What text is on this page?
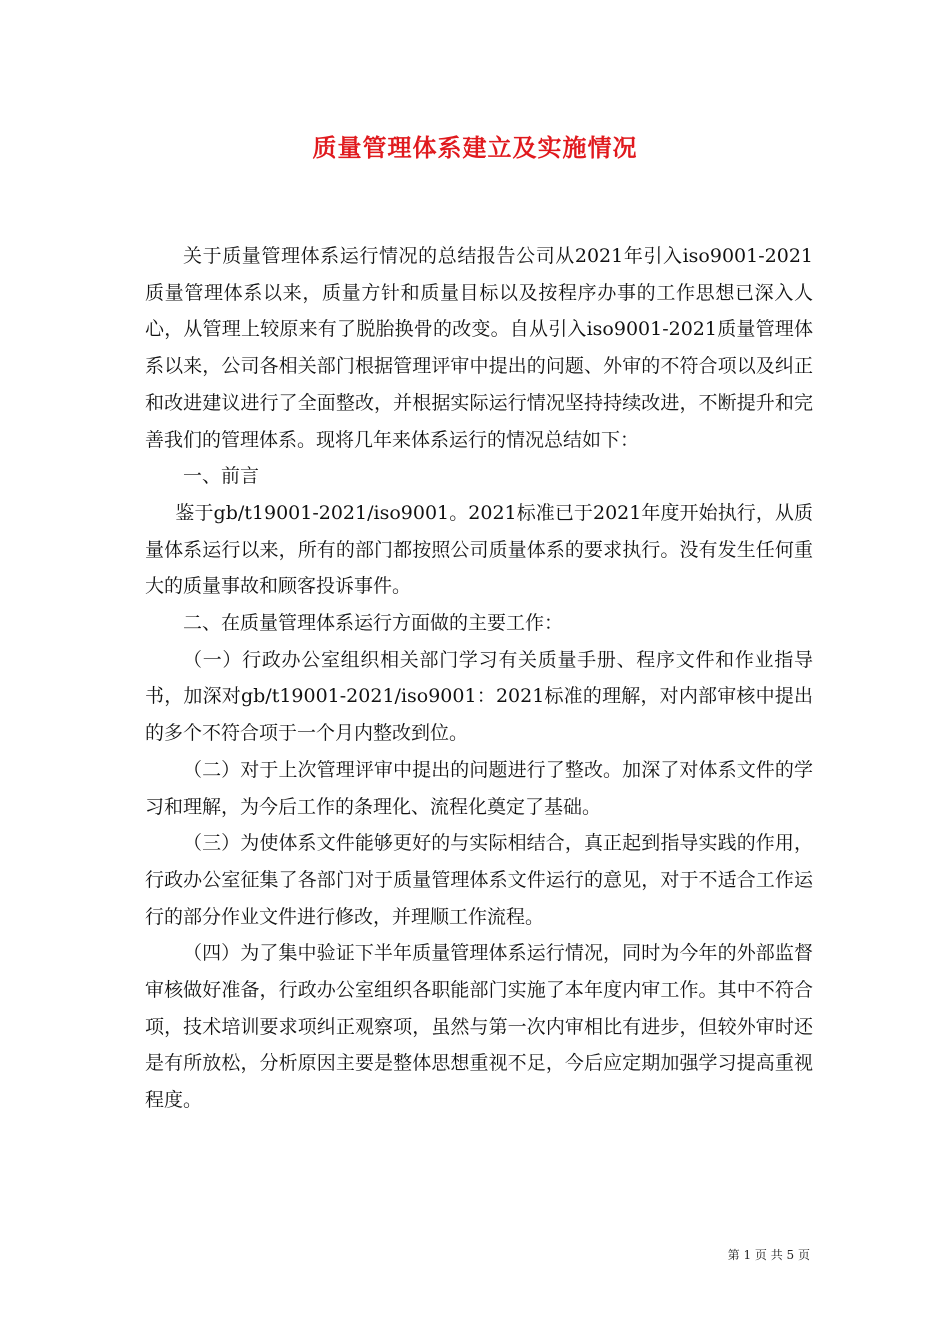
质量管理体系建立及实施情况

关于质量管理体系运行情况的总结报告公司从2021年引入iso9001-2021质量管理体系以来，质量方针和质量目标以及按程序办事的工作思想已深入人心，从管理上较原来有了脱胎换骨的改变。自从引入iso9001-2021质量管理体系以来，公司各相关部门根据管理评审中提出的问题、外审的不符合项以及纠正和改进建议进行了全面整改，并根据实际运行情况坚持持续改进，不断提升和完善我们的管理体系。现将几年来体系运行的情况总结如下：

一、前言

鉴于gb/t19001-2021/iso9001。2021标准已于2021年度开始执行，从质量体系运行以来，所有的部门都按照公司质量体系的要求执行。没有发生任何重大的质量事故和顾客投诉事件。

二、在质量管理体系运行方面做的主要工作：

（一）行政办公室组织相关部门学习有关质量手册、程序文件和作业指导书，加深对gb/t19001-2021/iso9001：2021标准的理解，对内部审核中提出的多个不符合项于一个月内整改到位。

（二）对于上次管理评审中提出的问题进行了整改。加深了对体系文件的学习和理解，为今后工作的条理化、流程化奠定了基础。

（三）为使体系文件能够更好的与实际相结合，真正起到指导实践的作用，行政办公室征集了各部门对于质量管理体系文件运行的意见，对于不适合工作运行的部分作业文件进行修改，并理顺工作流程。

（四）为了集中验证下半年质量管理体系运行情况，同时为今年的外部监督审核做好准备，行政办公室组织各职能部门实施了本年度内审工作。其中不符合项，技术培训要求项纠正观察项，虽然与第一次内审相比有进步，但较外审时还是有所放松，分析原因主要是整体思想重视不足，今后应定期加强学习提高重视程度。

第 1 页 共 5 页
